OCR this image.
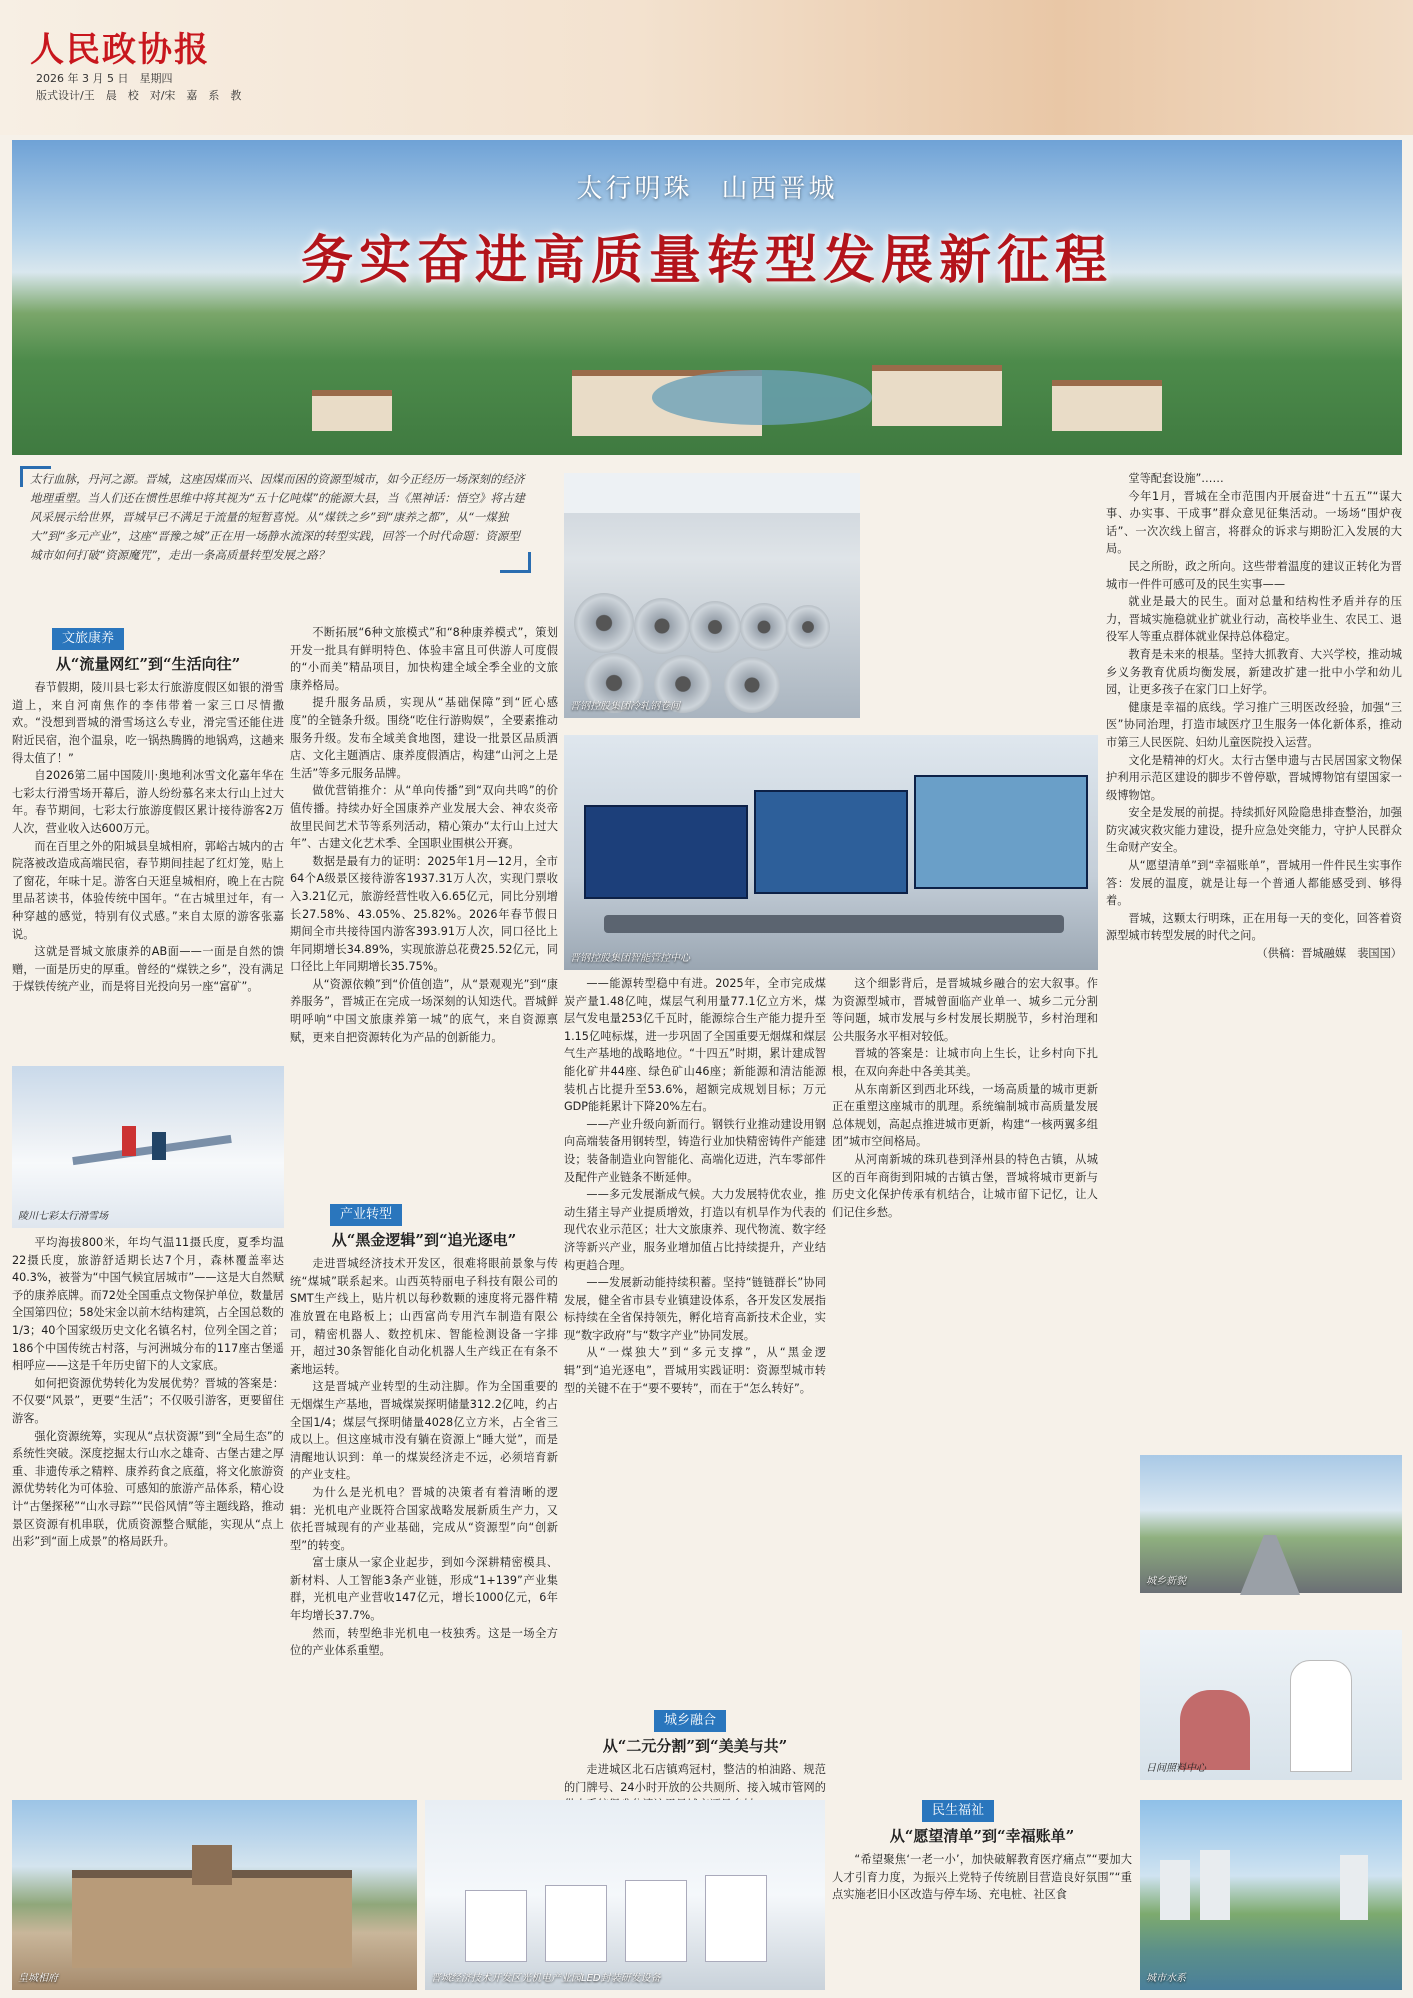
人民政协报
2026 年 3 月 5 日　星期四
版式设计/王　晨　校　对/宋　嘉　系　教
太行明珠　山西晋城
务实奋进高质量转型发展新征程
太行血脉，丹河之源。晋城，这座因煤而兴、因煤而困的资源型城市，如今正经历一场深刻的经济地理重塑。当人们还在惯性思维中将其视为“五十亿吨煤”的能源大县，当《黑神话：悟空》将古建风采展示给世界，晋城早已不满足于流量的短暂喜悦。从“煤铁之乡”到“康养之都”，从“一煤独大”到“多元产业”，这座“晋豫之城”正在用一场静水流深的转型实践，回答一个时代命题：资源型城市如何打破“资源魔咒”，走出一条高质量转型发展之路？
文旅康养
从“流量网红”到“生活向往”

春节假期，陵川县七彩太行旅游度假区如银的滑雪道上，来自河南焦作的李伟带着一家三口尽情撒欢。“没想到晋城的滑雪场这么专业，滑完雪还能住进附近民宿，泡个温泉，吃一锅热腾腾的地锅鸡，这趟来得太值了！”

自2026第二届中国陵川·奥地利冰雪文化嘉年华在七彩太行滑雪场开幕后，游人纷纷慕名来太行山上过大年。春节期间，七彩太行旅游度假区累计接待游客2万人次，营业收入达600万元。

而在百里之外的阳城县皇城相府，郭峪古城内的古院落被改造成高端民宿，春节期间挂起了红灯笼，贴上了窗花，年味十足。游客白天逛皇城相府，晚上在古院里品茗读书，体验传统中国年。“在古城里过年，有一种穿越的感觉，特别有仪式感。”来自太原的游客张嘉说。

这就是晋城文旅康养的AB面——一面是自然的馈赠，一面是历史的厚重。曾经的“煤铁之乡”，没有满足于煤铁传统产业，而是将目光投向另一座“富矿”。

陵川七彩太行滑雪场

平均海拔800米，年均气温11摄氏度，夏季均温22摄氏度，旅游舒适期长达7个月，森林覆盖率达40.3%，被誉为“中国气候宜居城市”——这是大自然赋予的康养底牌。而72处全国重点文物保护单位，数量居全国第四位；58处宋金以前木结构建筑，占全国总数的1/3；40个国家级历史文化名镇名村，位列全国之首；186个中国传统古村落，与河洲城分布的117座古堡遥相呼应——这是千年历史留下的人文家底。

如何把资源优势转化为发展优势？晋城的答案是：不仅要“风景”，更要“生活”；不仅吸引游客，更要留住游客。

强化资源统筹，实现从“点状资源”到“全局生态”的系统性突破。深度挖掘太行山水之雄奇、古堡古建之厚重、非遗传承之精粹、康养药食之底蕴，将文化旅游资源优势转化为可体验、可感知的旅游产品体系，精心设计“古堡探秘”“山水寻踪”“民俗风情”等主题线路，推动景区资源有机串联，优质资源整合赋能，实现从“点上出彩”到“面上成景”的格局跃升。

不断拓展“6种文旅模式”和“8种康养模式”，策划开发一批具有鲜明特色、体验丰富且可供游人可度假的“小而美”精品项目，加快构建全域全季全业的文旅康养格局。

提升服务品质，实现从“基础保障”到“匠心感度”的全链条升级。围绕“吃住行游购娱”，全要素推动服务升级。发布全域美食地图，建设一批景区品质酒店、文化主题酒店、康养度假酒店，构建“山河之上是生活”等多元服务品牌。

做优营销推介：从“单向传播”到“双向共鸣”的价值传播。持续办好全国康养产业发展大会、神农炎帝故里民间艺术节等系列活动，精心策办“太行山上过大年”、古建文化艺术季、全国职业围棋公开赛。

数据是最有力的证明：2025年1月—12月，全市64个A级景区接待游客1937.31万人次，实现门票收入3.21亿元，旅游经营性收入6.65亿元，同比分别增长27.58%、43.05%、25.82%。2026年春节假日期间全市共接待国内游客393.91万人次，同口径比上年同期增长34.89%，实现旅游总花费25.52亿元，同口径比上年同期增长35.75%。

从“资源依赖”到“价值创造”，从“景观观光”到“康养服务”，晋城正在完成一场深刻的认知迭代。晋城鲜明呼响“中国文旅康养第一城”的底气，来自资源禀赋，更来自把资源转化为产品的创新能力。

产业转型
从“黑金逻辑”到“追光逐电”

走进晋城经济技术开发区，很难将眼前景象与传统“煤城”联系起来。山西英特丽电子科技有限公司的SMT生产线上，贴片机以每秒数颗的速度将元器件精准放置在电路板上；山西富尚专用汽车制造有限公司，精密机器人、数控机床、智能检测设备一字排开，超过30条智能化自动化机器人生产线正在有条不紊地运转。

这是晋城产业转型的生动注脚。作为全国重要的无烟煤生产基地，晋城煤炭探明储量312.2亿吨，约占全国1/4；煤层气探明储量4028亿立方米，占全省三成以上。但这座城市没有躺在资源上“睡大觉”，而是清醒地认识到：单一的煤炭经济走不远，必须培育新的产业支柱。

为什么是光机电？晋城的决策者有着清晰的逻辑：光机电产业既符合国家战略发展新质生产力，又依托晋城现有的产业基础，完成从“资源型”向“创新型”的转变。

富士康从一家企业起步，到如今深耕精密模具、新材料、人工智能3条产业链，形成“1+139”产业集群，光机电产业营收147亿元，增长1000亿元，6年年均增长37.7%。

然而，转型绝非光机电一枝独秀。这是一场全方位的产业体系重塑。

晋钢控股集团冷轧钢卷间
晋钢控股集团智能管控中心

——能源转型稳中有进。2025年，全市完成煤炭产量1.48亿吨，煤层气利用量77.1亿立方米，煤层气发电量253亿千瓦时，能源综合生产能力提升至1.15亿吨标煤，进一步巩固了全国重要无烟煤和煤层气生产基地的战略地位。“十四五”时期，累计建成智能化矿井44座、绿色矿山46座；新能源和清洁能源装机占比提升至53.6%，超额完成规划目标；万元GDP能耗累计下降20%左右。

——产业升级向新而行。钢铁行业推动建设用钢向高端装备用钢转型，铸造行业加快精密铸件产能建设；装备制造业向智能化、高端化迈进，汽车零部件及配件产业链条不断延伸。

——多元发展渐成气候。大力发展特优农业，推动生猪主导产业提质增效，打造以有机旱作为代表的现代农业示范区；壮大文旅康养、现代物流、数字经济等新兴产业，服务业增加值占比持续提升，产业结构更趋合理。

——发展新动能持续积蓄。坚持“链链群长”协同发展，健全省市县专业镇建设体系，各开发区发展指标持续在全省保持领先，孵化培育高新技术企业，实现“数字政府”与“数字产业”协同发展。

从“一煤独大”到“多元支撑”，从“黑金逻辑”到“追光逐电”，晋城用实践证明：资源型城市转型的关键不在于“要不要转”，而在于“怎么转好”。

城乡融合
从“二元分割”到“美美与共”

走进城区北石店镇鸡冠村，整洁的柏油路、规范的门牌号、24小时开放的公共厕所、接入城市管网的

这个细影背后，是晋城城乡融合的宏大叙事。作为资源型城市，晋城曾面临产业单一、城乡二元分割等问题，城市发展与乡村发展长期脱节，乡村治理和公共服务水平相对较低。

晋城的答案是：让城市向上生长，让乡村向下扎根，在双向奔赴中各美其美。

从东南新区到西北环线，一场高质量的城市更新正在重塑这座城市的肌理。系统编制城市高质量发展总体规划，高起点推进城市更新，构建“一核两翼多组团”城市空间格局。

从河南新城的珠玑巷到泽州县的特色古镇，从城区的百年商街到阳城的古镇古堡，晋城将城市更新与历史文化保护传承有机结合，让城市留下记忆，让人们记住乡愁。

堂等配套设施”……

今年1月，晋城在全市范围内开展奋进“十五五”“谋大事、办实事、干成事”群众意见征集活动。一场场“围炉夜话”、一次次线上留言，将群众的诉求与期盼汇入发展的大局。

民之所盼，政之所向。这些带着温度的建议正转化为晋城市一件件可感可及的民生实事——

就业是最大的民生。面对总量和结构性矛盾并存的压力，晋城实施稳就业扩就业行动，高校毕业生、农民工、退役军人等重点群体就业保持总体稳定。

教育是未来的根基。坚持大抓教育、大兴学校，推动城乡义务教育优质均衡发展，新建改扩建一批中小学和幼儿园，让更多孩子在家门口上好学。

健康是幸福的底线。学习推广三明医改经验，加强“三医”协同治理，打造市域医疗卫生服务一体化新体系，推动市第三人民医院、妇幼儿童医院投入运营。

文化是精神的灯火。太行古堡申遗与古民居国家文物保护利用示范区建设的脚步不曾停歇，晋城博物馆有望国家一级博物馆。

安全是发展的前提。持续抓好风险隐患排查整治，加强防灾减灾救灾能力建设，提升应急处突能力，守护人民群众生命财产安全。

从“愿望清单”到“幸福账单”，晋城用一件件民生实事作答：发展的温度，就是让每一个普通人都能感受到、够得着。

晋城，这颗太行明珠，正在用每一天的变化，回答着资源型城市转型发展的时代之问。

（供稿：晋城融媒　裴国国）

城乡新貌
日间照料中心
城市水系
民生福祉
从“愿望清单”到“幸福账单”

“希望聚焦‘一老一小’，加快破解教育医疗痛点”“要加大人才引育力度，为振兴上党特子传统剧目营造良好氛围”“重点实施老旧小区改造与停车场、充电桩、社区食

皇城相府	晋城经济技术开发区光机电产业园LED封装研发设备
